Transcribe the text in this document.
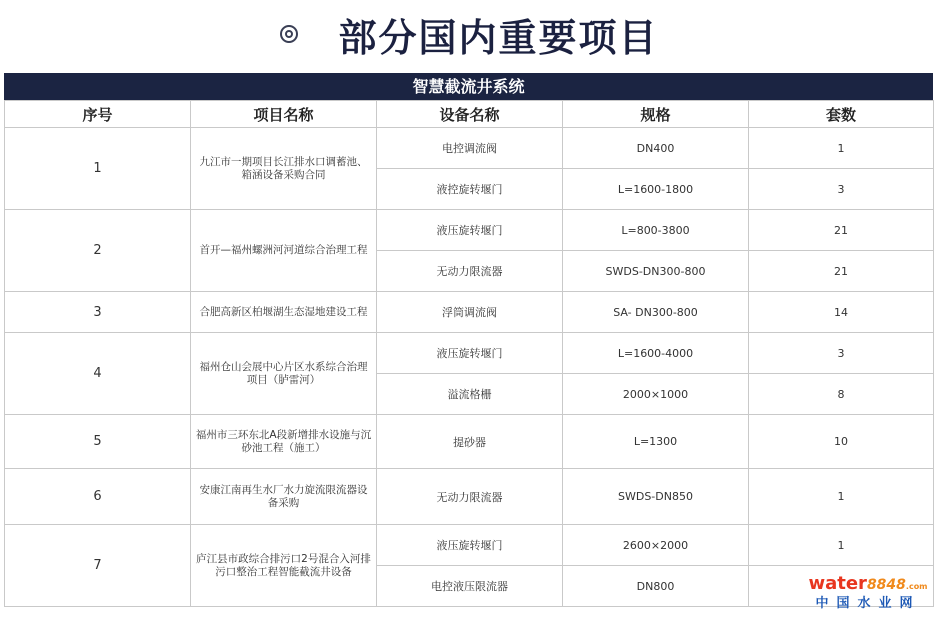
部分国内重要项目
智慧截流井系统
序号	项目名称	设备名称	规格	套数
1	九江市一期项目长江排水口调蓄池、箱涵设备采购合同	电控调流阀	DN400	1
		液控旋转堰门	L=1600-1800	3
2	首开—福州螺洲河河道综合治理工程	液压旋转堰门	L=800-3800	21
		无动力限流器	SWDS-DN300-800	21
3	合肥高新区柏堰湖生态湿地建设工程	浮筒调流阀	SA- DN300-800	14
4	福州仓山会展中心片区水系综合治理项目（胪雷河）	液压旋转堰门	L=1600-4000	3
		溢流格栅	2000×1000	8
5	福州市三环东北A段新增排水设施与沉砂池工程（施工）	提砂器	L=1300	10
6	安康江南再生水厂水力旋流限流器设备采购	无动力限流器	SWDS-DN850	1
7	庐江县市政综合排污口2号混合入河排污口整治工程智能截流井设备	液压旋转堰门	2600×2000	1
		电控液压限流器	DN800		water8848.com
中国水业网
